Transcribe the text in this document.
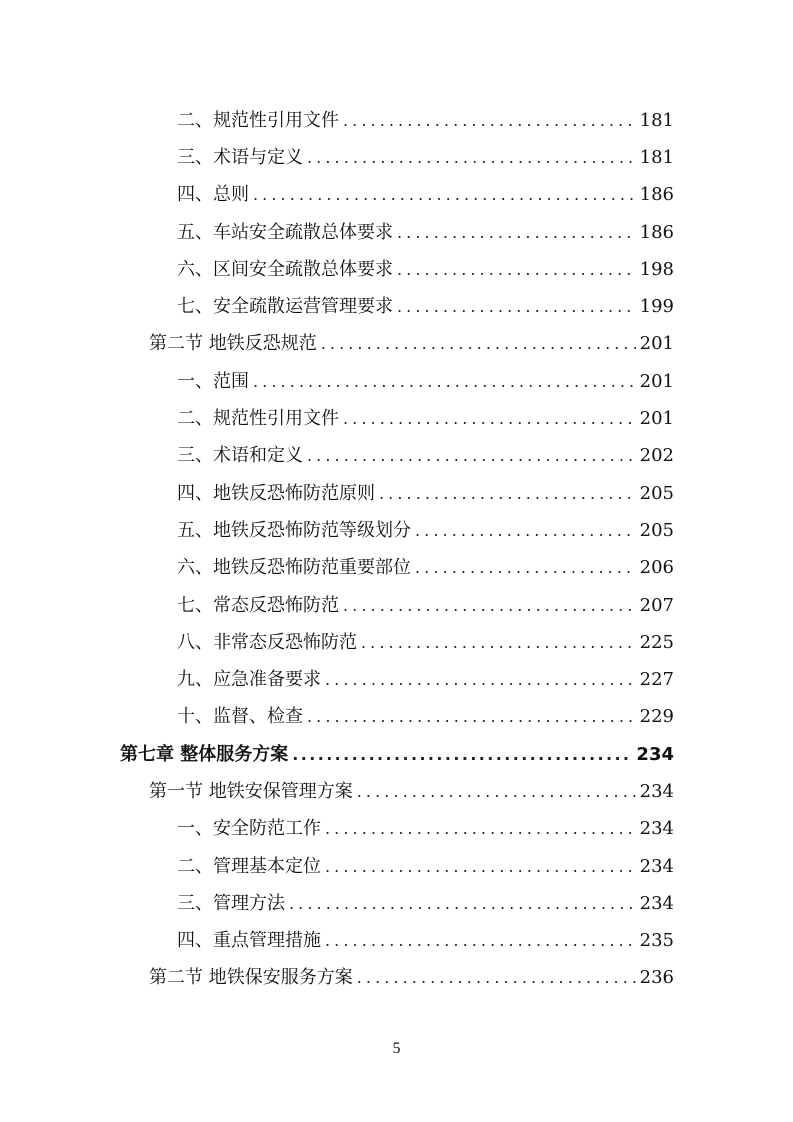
二、规范性引用文件 . . .	181
三、术语与定义 . . .	181
四、总则 . . .	186
五、车站安全疏散总体要求 . . .	186
六、区间安全疏散总体要求 . . .	198
七、安全疏散运营管理要求 . . .	199
第二节 地铁反恐规范 . . .	201
一、范围 . . .	201
二、规范性引用文件 . . .	201
三、术语和定义 . . .	202
四、地铁反恐怖防范原则 . . .	205
五、地铁反恐怖防范等级划分 . . .	205
六、地铁反恐怖防范重要部位 . . .	206
七、常态反恐怖防范 . . .	207
八、非常态反恐怖防范 . . .	225
九、应急准备要求 . . .	227
十、监督、检查 . . .	229
第七章 整体服务方案 .....	234
第一节 地铁安保管理方案 . . .	234
一、安全防范工作 . . .	234
二、管理基本定位 . . .	234
三、管理方法 . . .	234
四、重点管理措施 . . .	235
第二节 地铁保安服务方案 . . .	236
5
